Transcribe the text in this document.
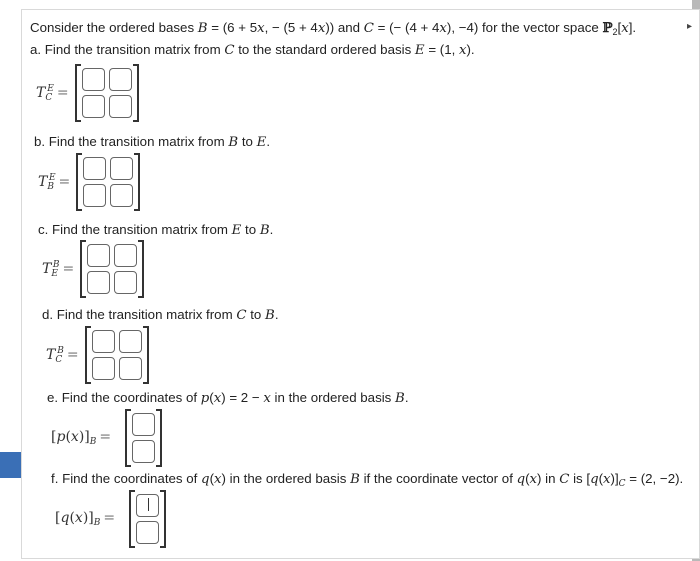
Consider the ordered bases B = (6 + 5x, − (5 + 4x)) and C = (− (4 + 4x), −4) for the vector space ℙ$_2$[x].
a. Find the transition matrix from C to the standard ordered basis E = (1, x).
$T_C^E$ =
b. Find the transition matrix from B to E.
$T_B^E$ =
c. Find the transition matrix from E to B.
$T_E^B$ =
d. Find the transition matrix from C to B.
$T_C^B$ =
e. Find the coordinates of p(x) = 2 − x in the ordered basis B.
$[p(x)]_B$ =
f. Find the coordinates of q(x) in the ordered basis B if the coordinate vector of q(x) in C is $[q(x)]_C = (2$, −2).
$[q(x)]_B$ =
▸
